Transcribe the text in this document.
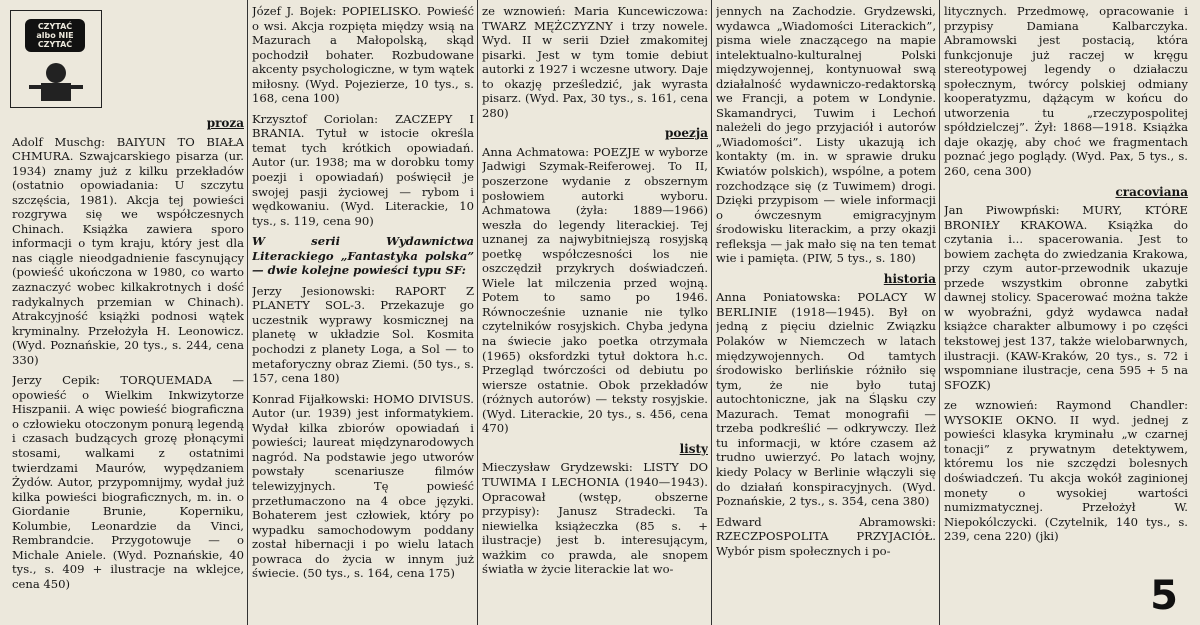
CZYTAĆ albo NIE CZYTAĆ
proza

Adolf Muschg: BAIYUN TO BIAŁA CHMURA. Szwajcarskiego pisarza (ur. 1934) znamy już z kilku przekładów (ostatnio opowiadania: U szczytu szczęścia, 1981). Akcja tej powieści rozgrywa się we współczesnych Chinach. Książka zawiera sporo informacji o tym kraju, który jest dla nas ciągle nieodgadnienie fascynujący (powieść ukończona w 1980, co warto zaznaczyć wobec kilkakrotnych i dość radykalnych przemian w Chinach). Atrakcyjność książki podnosi wątek kryminalny. Przełożyła H. Leonowicz. (Wyd. Poznańskie, 20 tys., s. 244, cena 330)

Jerzy Cepik: TORQUEMADA — opowieść o Wielkim Inkwizytorze Hiszpanii. A więc powieść biograficzna o człowieku otoczonym ponurą legendą i czasach budzących grozę płonącymi stosami, walkami z ostatnimi twierdzami Maurów, wypędzaniem Żydów. Autor, przypomnijmy, wydał już kilka powieści biograficznych, m. in. o Giordanie Brunie, Koperniku, Kolumbie, Leonardzie da Vinci, Rembrandcie. Przygotowuje — o Michale Aniele. (Wyd. Poznańskie, 40 tys., s. 409 + ilustracje na wklejce, cena 450)

Józef J. Bojek: POPIELISKO. Powieść o wsi. Akcja rozpięta między wsią na Mazurach a Małopolską, skąd pochodził bohater. Rozbudowane akcenty psychologiczne, w tym wątek miłosny. (Wyd. Pojezierze, 10 tys., s. 168, cena 100)

Krzysztof Coriolan: ZACZEPY I BRANIA. Tytuł w istocie określa temat tych krótkich opowiadań. Autor (ur. 1938; ma w dorobku tomy poezji i opowiadań) poświęcił je swojej pasji życiowej — rybom i wędkowaniu. (Wyd. Literackie, 10 tys., s. 119, cena 90)

W serii Wydawnictwa Literackiego „Fantastyka polska” — dwie kolejne powieści typu SF:

Jerzy Jesionowski: RAPORT Z PLANETY SOL-3. Przekazuje go uczestnik wyprawy kosmicznej na planetę w układzie Sol. Kosmita pochodzi z planety Loga, a Sol — to metaforyczny obraz Ziemi. (50 tys., s. 157, cena 180)

Konrad Fijałkowski: HOMO DIVISUS. Autor (ur. 1939) jest informatykiem. Wydał kilka zbiorów opowiadań i powieści; laureat międzynarodowych nagród. Na podstawie jego utworów powstały scenariusze filmów telewizyjnych. Tę powieść przetłumaczono na 4 obce języki. Bohaterem jest człowiek, który po wypadku samochodowym poddany został hibernacji i po wielu latach powraca do życia w innym już świecie. (50 tys., s. 164, cena 175)

ze wznowień: Maria Kuncewiczowa: TWARZ MĘŻCZYZNY i trzy nowele. Wyd. II w serii Dzieł zmakomitej pisarki. Jest w tym tomie debiut autorki z 1927 i wczesne utwory. Daje to okazję prześledzić, jak wyrasta pisarz. (Wyd. Pax, 30 tys., s. 161, cena 280)

poezja

Anna Achmatowa: POEZJE w wyborze Jadwigi Szymak-Reiferowej. To II, poszerzone wydanie z obszernym posłowiem autorki wyboru. Achmatowa (żyła: 1889—1966) weszła do legendy literackiej. Tej uznanej za najwybitniejszą rosyjską poetkę współczesności los nie oszczędził przykrych doświadczeń. Wiele lat milczenia przed wojną. Potem to samo po 1946. Równocześnie uznanie nie tylko czytelników rosyjskich. Chyba jedyna na świecie jako poetka otrzymała (1965) oksfordzki tytuł doktora h.c. Przegląd twórczości od debiutu po wiersze ostatnie. Obok przekładów (różnych autorów) — teksty rosyjskie. (Wyd. Literackie, 20 tys., s. 456, cena 470)

listy

Mieczysław Grydzewski: LISTY DO TUWIMA I LECHONIA (1940—1943). Opracował (wstęp, obszerne przypisy): Janusz Stradecki. Ta niewielka książeczka (85 s. + ilustracje) jest b. interesującym, ważkim co prawda, ale snopem światła w życie literackie lat wo-

jennych na Zachodzie. Grydzewski, wydawca „Wiadomości Literackich”, pisma wiele znaczącego na mapie intelektualno-kulturalnej Polski międzywojennej, kontynuował swą działalność wydawniczo-redaktorską we Francji, a potem w Londynie. Skamandryci, Tuwim i Lechoń należeli do jego przyjaciół i autorów „Wiadomości”. Listy ukazują ich kontakty (m. in. w sprawie druku Kwiatów polskich), wspólne, a potem rozchodzące się (z Tuwimem) drogi. Dzięki przypisom — wiele informacji o ówczesnym emigracyjnym środowisku literackim, a przy okazji refleksja — jak mało się na ten temat wie i pamięta. (PIW, 5 tys., s. 180)

historia

Anna Poniatowska: POLACY W BERLINIE (1918—1945). Był on jedną z pięciu dzielnic Związku Polaków w Niemczech w latach międzywojennych. Od tamtych środowisko berlińskie różniło się tym, że nie było tutaj autochtoniczne, jak na Śląsku czy Mazurach. Temat monografii — trzeba podkreślić — odkrywczy. Ileż tu informacji, w które czasem aż trudno uwierzyć. Po latach wojny, kiedy Polacy w Berlinie włączyli się do działań konspiracyjnych. (Wyd. Poznańskie, 2 tys., s. 354, cena 380)

Edward Abramowski: RZECZPOSPOLITA PRZYJACIÓŁ. Wybór pism społecznych i po-

litycznych. Przedmowę, opracowanie i przypisy Damiana Kalbarczyka. Abramowski jest postacią, która funkcjonuje już raczej w kręgu stereotypowej legendy o działaczu społecznym, twórcy polskiej odmiany kooperatyzmu, dążącym w końcu do utworzenia tu „rzeczypospolitej spółdzielczej”. Żył: 1868—1918. Książka daje okazję, aby choć we fragmentach poznać jego poglądy. (Wyd. Pax, 5 tys., s. 260, cena 300)

cracoviana

Jan Piwowpński: MURY, KTÓRE BRONIŁY KRAKOWA. Książka do czytania i... spacerowania. Jest to bowiem zachęta do zwiedzania Krakowa, przy czym autor-przewodnik ukazuje przede wszystkim obronne zabytki dawnej stolicy. Spacerować można także w wyobraźni, gdyż wydawca nadał książce charakter albumowy i po części tekstowej jest 137, także wielobarwnych, ilustracji. (KAW-Kraków, 20 tys., s. 72 i wspomniane ilustracje, cena 595 + 5 na SFOZK)

ze wznowień: Raymond Chandler: WYSOKIE OKNO. II wyd. jednej z powieści klasyka kryminału „w czarnej tonacji” z prywatnym detektywem, któremu los nie szczędzi bolesnych doświadczeń. Tu akcja wokół zaginionej monety o wysokiej wartości numizmatycznej. Przełożył W. Niepokólczycki. (Czytelnik, 140 tys., s. 239, cena 220) (jki)

5
